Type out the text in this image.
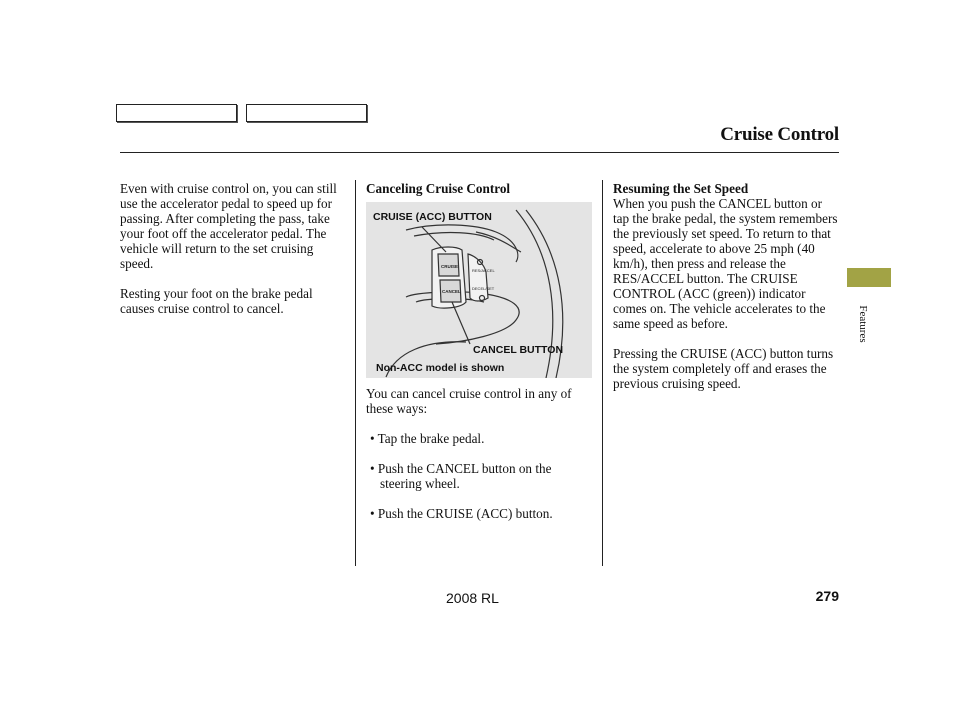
Cruise Control

Even with cruise control on, you can still use the accelerator pedal to speed up for passing. After completing the pass, take your foot off the accelerator pedal. The vehicle will return to the set cruising speed.

Resting your foot on the brake pedal causes cruise control to cancel.

Canceling Cruise Control

CRUISE
CANCEL
RES/ACCEL
DECEL/SET
CRUISE (ACC) BUTTON
CANCEL BUTTON
Non-ACC model is shown

You can cancel cruise control in any of these ways:

• Tap the brake pedal.

• Push the CANCEL button on the steering wheel.

• Push the CRUISE (ACC) button.

Resuming the Set Speed

When you push the CANCEL button or tap the brake pedal, the system remembers the previously set speed. To return to that speed, accelerate to above 25 mph (40 km/h), then press and release the RES/ACCEL button. The CRUISE CONTROL (ACC (green)) indicator comes on. The vehicle accelerates to the same speed as before.

Pressing the CRUISE (ACC) button turns the system completely off and erases the previous cruising speed.

Features
2008 RL	279
